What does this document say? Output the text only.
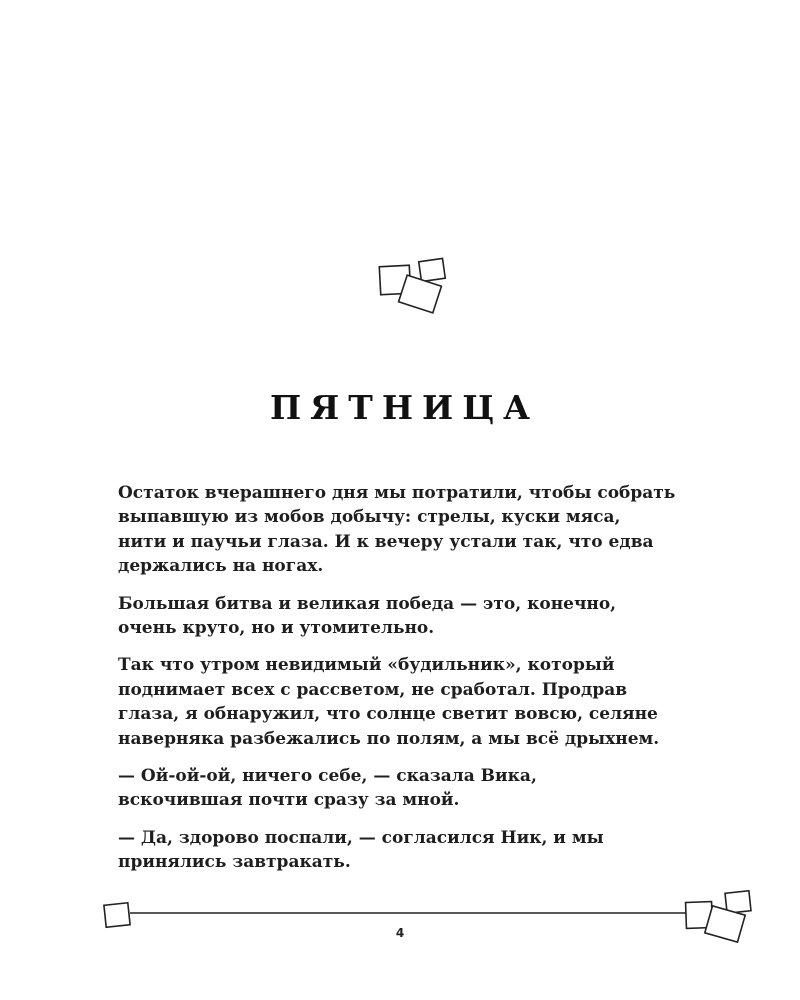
ПЯТНИЦА

Остаток вчерашнего дня мы потратили, чтобы собрать
выпавшую из мобов добычу: стрелы, куски мяса,
нити и паучьи глаза. И к вечеру устали так, что едва
держались на ногах.

Большая битва и великая победа — это, конечно,
очень круто, но и утомительно.

Так что утром невидимый «будильник», который
поднимает всех с рассветом, не сработал. Продрав
глаза, я обнаружил, что солнце светит вовсю, селяне
наверняка разбежались по полям, а мы всё дрыхнем.

— Ой-ой-ой, ничего себе, — сказала Вика,
вскочившая почти сразу за мной.

— Да, здорово поспали, — согласился Ник, и мы
принялись завтракать.

4
